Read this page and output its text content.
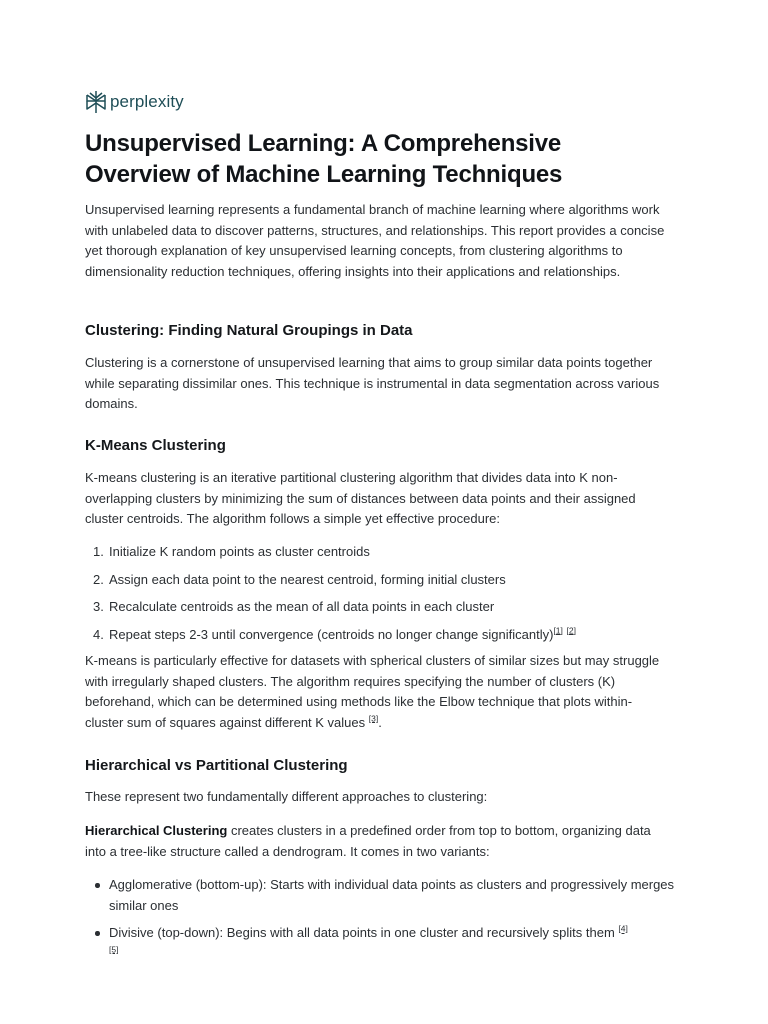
perplexity
Unsupervised Learning: A Comprehensive
Overview of Machine Learning Techniques

Unsupervised learning represents a fundamental branch of machine learning where algorithms work with unlabeled data to discover patterns, structures, and relationships. This report provides a concise yet thorough explanation of key unsupervised learning concepts, from clustering algorithms to dimensionality reduction techniques, offering insights into their applications and relationships.

Clustering: Finding Natural Groupings in Data

Clustering is a cornerstone of unsupervised learning that aims to group similar data points together while separating dissimilar ones. This technique is instrumental in data segmentation across various domains.

K-Means Clustering

K-means clustering is an iterative partitional clustering algorithm that divides data into K non-overlapping clusters by minimizing the sum of distances between data points and their assigned cluster centroids. The algorithm follows a simple yet effective procedure:

Initialize K random points as cluster centroids
Assign each data point to the nearest centroid, forming initial clusters
Recalculate centroids as the mean of all data points in each cluster
Repeat steps 2-3 until convergence (centroids no longer change significantly)[1] [2]

K-means is particularly effective for datasets with spherical clusters of similar sizes but may struggle with irregularly shaped clusters. The algorithm requires specifying the number of clusters (K) beforehand, which can be determined using methods like the Elbow technique that plots within-cluster sum of squares against different K values [3].

Hierarchical vs Partitional Clustering

These represent two fundamentally different approaches to clustering:

Hierarchical Clustering creates clusters in a predefined order from top to bottom, organizing data into a tree-like structure called a dendrogram. It comes in two variants:

Agglomerative (bottom-up): Starts with individual data points as clusters and progressively merges similar ones
Divisive (top-down): Begins with all data points in one cluster and recursively splits them [4]
[5]
